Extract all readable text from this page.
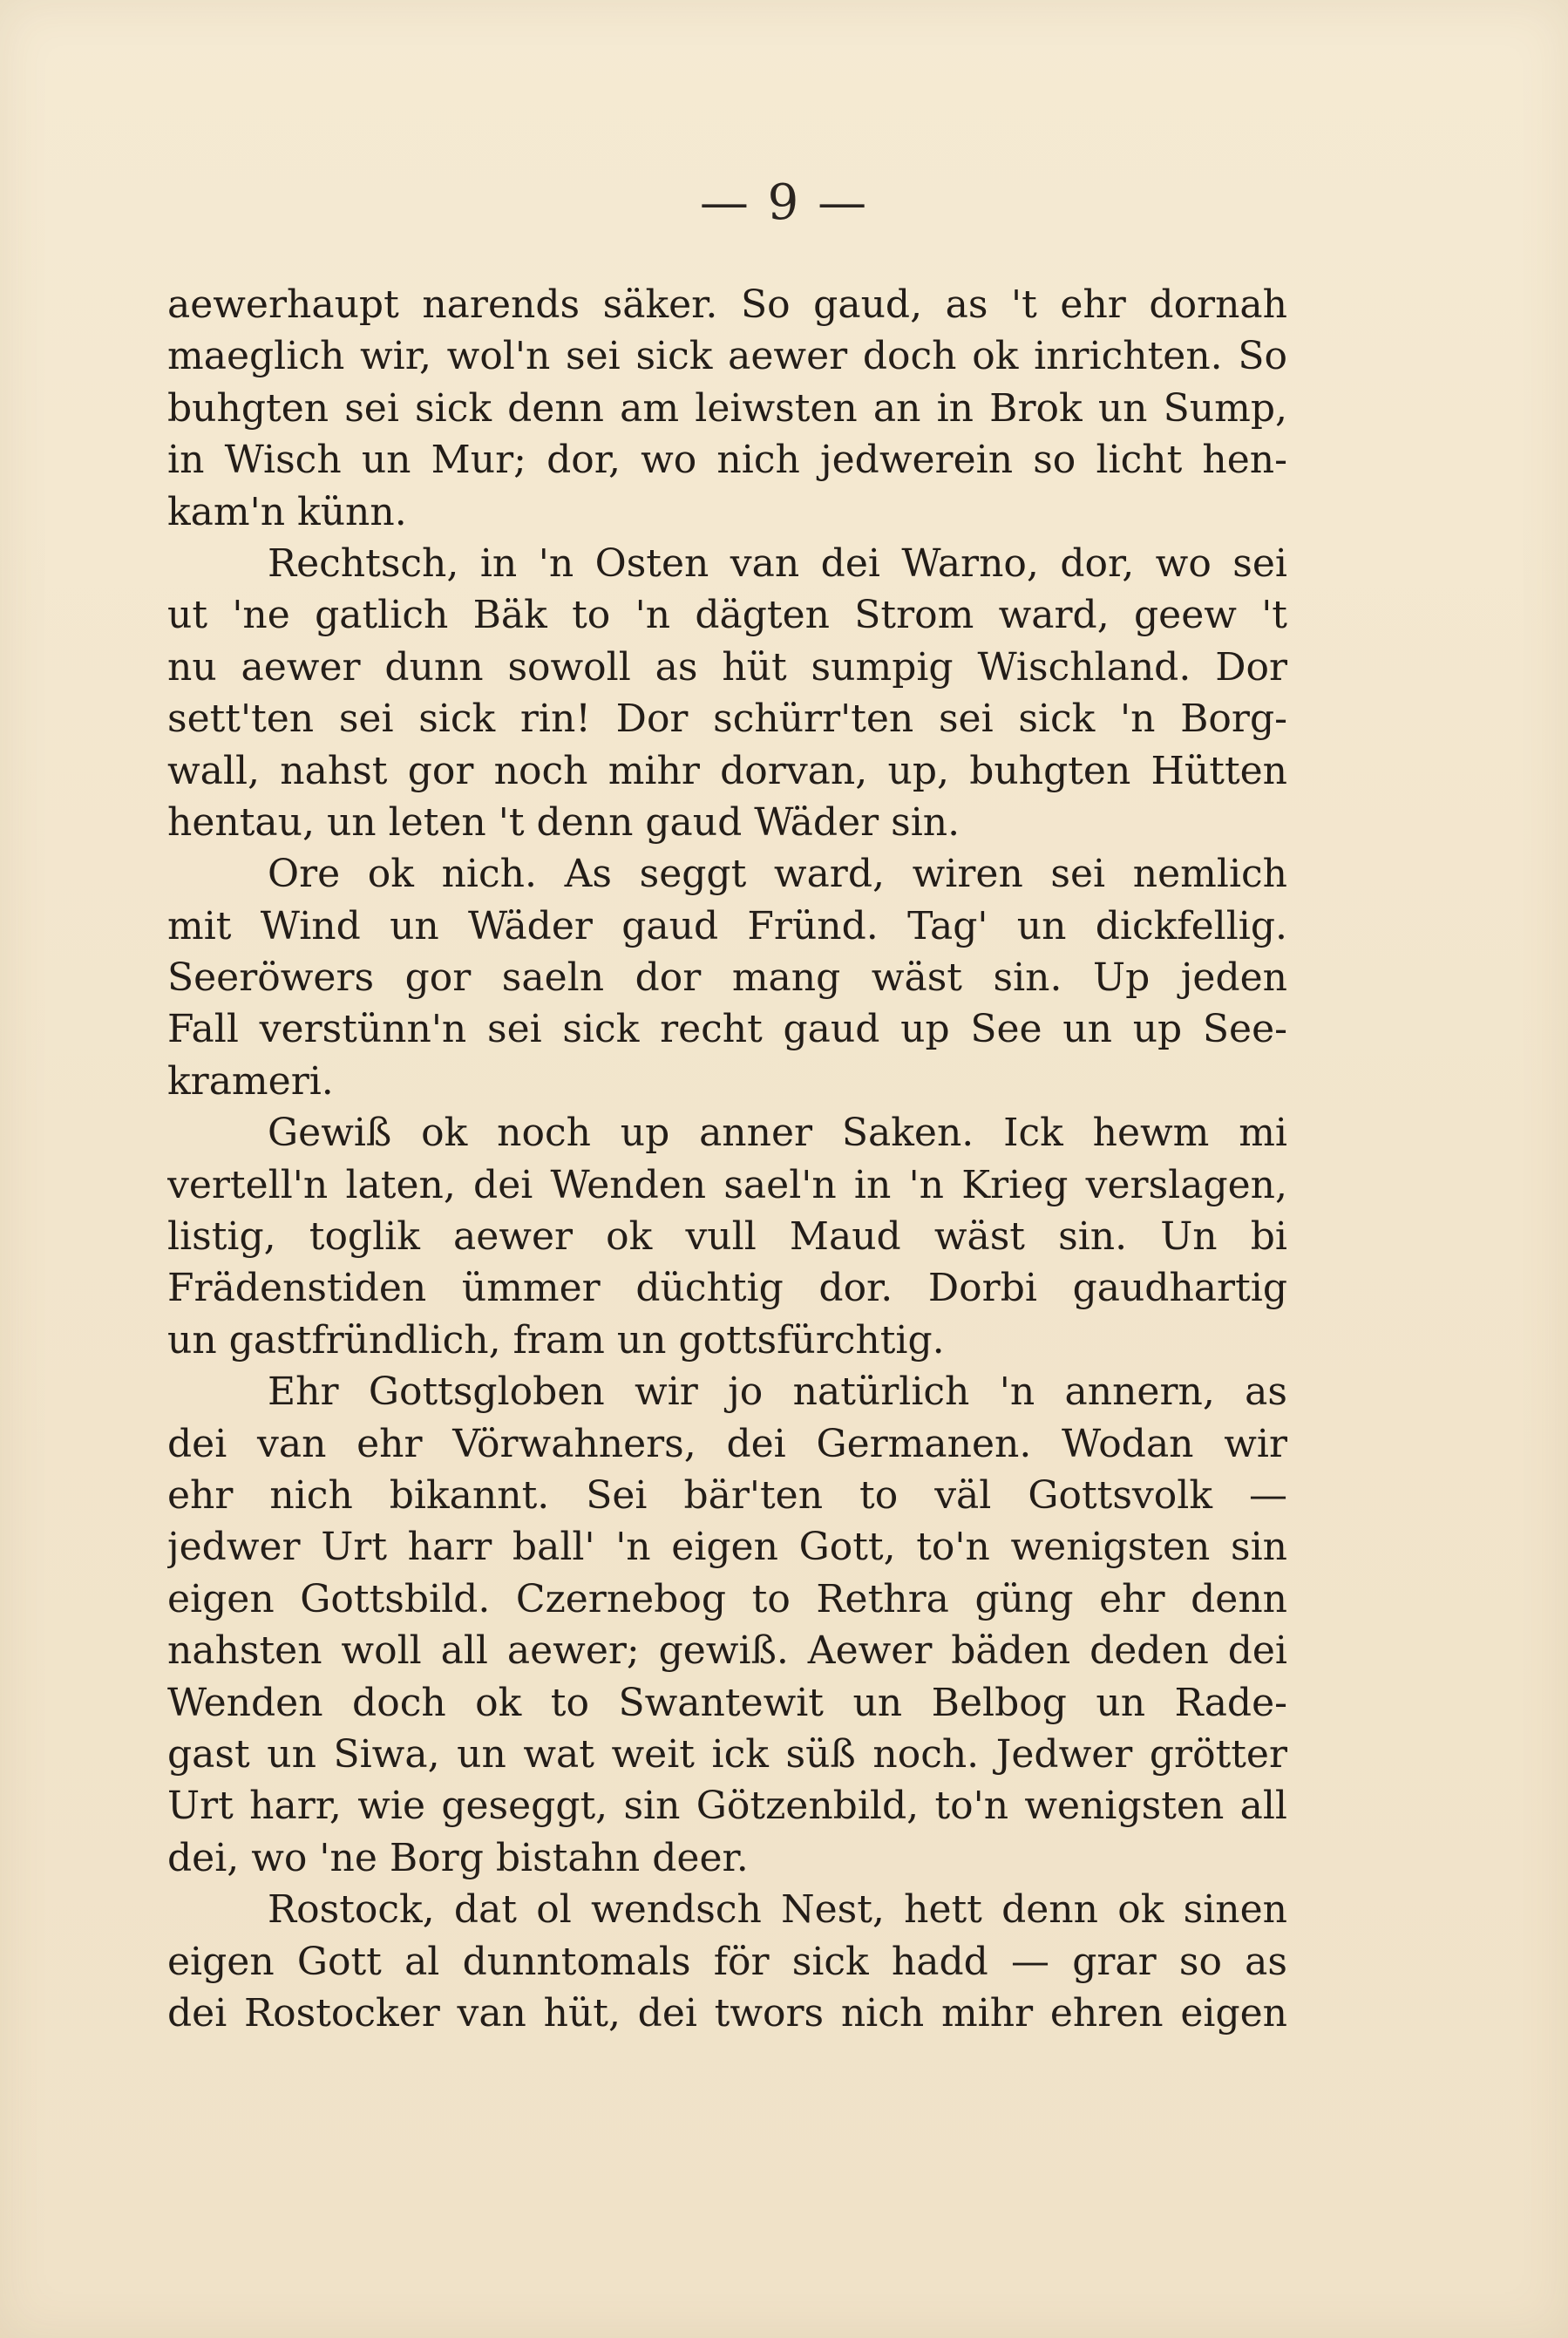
— 9 —
aewerhaupt narends säker. So gaud, as 't ehr dornah
maeglich wir, wol'n sei sick aewer doch ok inrichten. So
buhgten sei sick denn am leiwsten an in Brok un Sump,
in Wisch un Mur; dor, wo nich jedwerein so licht hen-
kam'n künn.
Rechtsch, in 'n Osten van dei Warno, dor, wo sei
ut 'ne gatlich Bäk to 'n dägten Strom ward, geew 't
nu aewer dunn sowoll as hüt sumpig Wischland. Dor
sett'ten sei sick rin! Dor schürr'ten sei sick 'n Borg-
wall, nahst gor noch mihr dorvan, up, buhgten Hütten
hentau, un leten 't denn gaud Wäder sin.
Ore ok nich. As seggt ward, wiren sei nemlich
mit Wind un Wäder gaud Fründ. Tag' un dickfellig.
Seeröwers gor saeln dor mang wäst sin. Up jeden
Fall verstünn'n sei sick recht gaud up See un up See-
krameri.
Gewiß ok noch up anner Saken. Ick hewm mi
vertell'n laten, dei Wenden sael'n in 'n Krieg verslagen,
listig, toglik aewer ok vull Maud wäst sin. Un bi
Frädenstiden ümmer düchtig dor. Dorbi gaudhartig
un gastfründlich, fram un gottsfürchtig.
Ehr Gottsgloben wir jo natürlich 'n annern, as
dei van ehr Vörwahners, dei Germanen. Wodan wir
ehr nich bikannt. Sei bär'ten to väl Gottsvolk —
jedwer Urt harr ball' 'n eigen Gott, to'n wenigsten sin
eigen Gottsbild. Czernebog to Rethra güng ehr denn
nahsten woll all aewer; gewiß. Aewer bäden deden dei
Wenden doch ok to Swantewit un Belbog un Rade-
gast un Siwa, un wat weit ick süß noch. Jedwer grötter
Urt harr, wie geseggt, sin Götzenbild, to'n wenigsten all
dei, wo 'ne Borg bistahn deer.
Rostock, dat ol wendsch Nest, hett denn ok sinen
eigen Gott al dunntomals för sick hadd — grar so as
dei Rostocker van hüt, dei twors nich mihr ehren eigen
